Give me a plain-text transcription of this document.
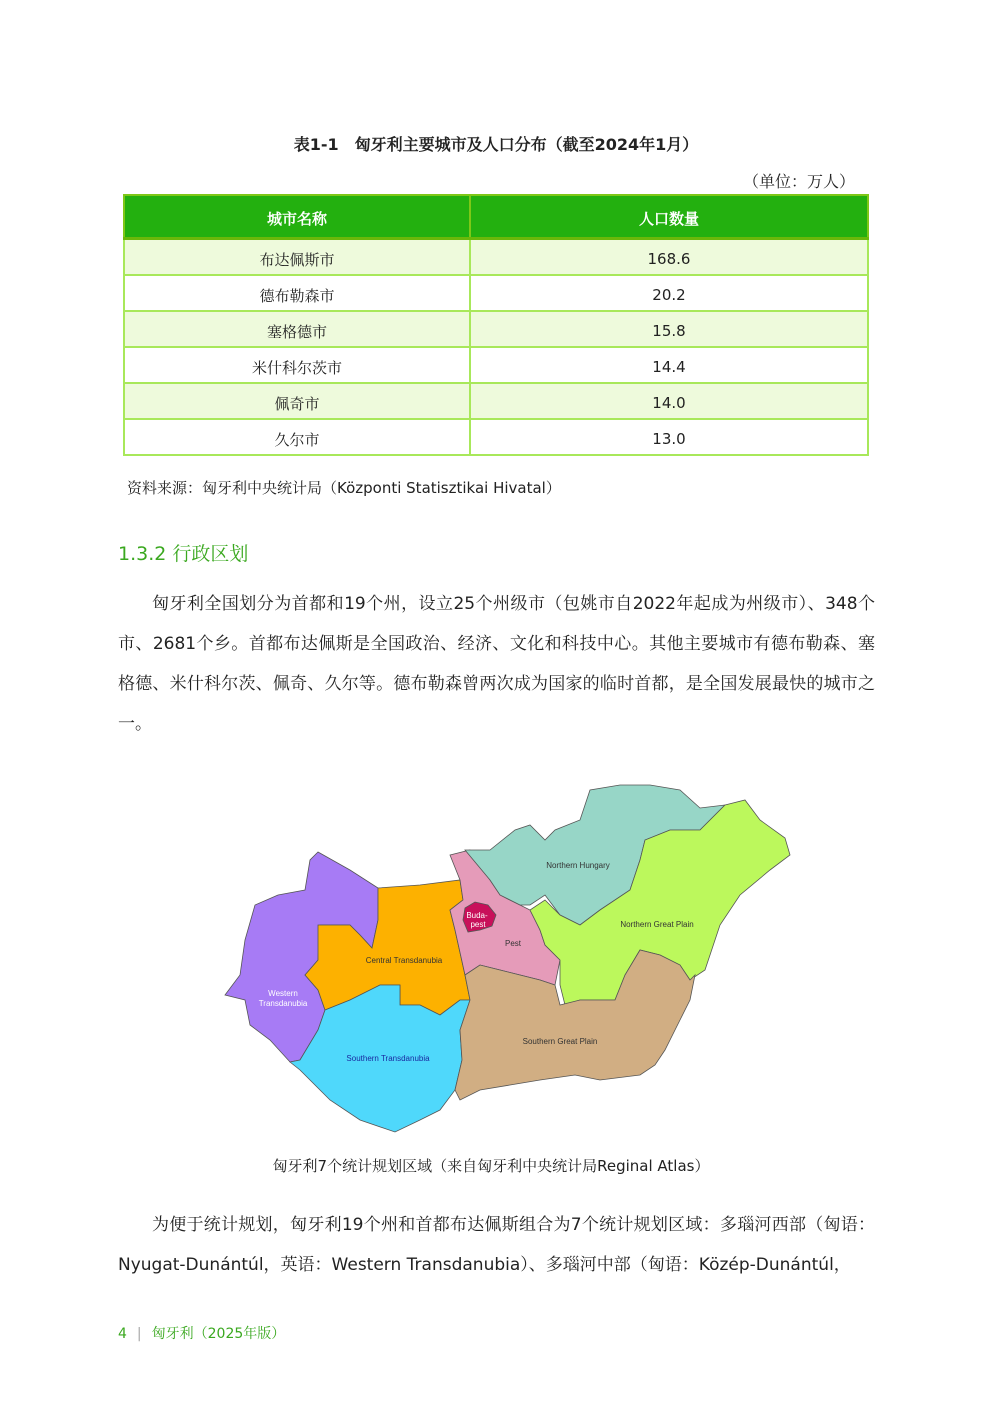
表1-1　匈牙利主要城市及人口分布（截至2024年1月）
（单位：万人）
城市名称	人口数量
布达佩斯市	168.6
德布勒森市	20.2
塞格德市	15.8
米什科尔茨市	14.4
佩奇市	14.0
久尔市	13.0
资料来源：匈牙利中央统计局（Központi Statisztikai Hivatal）
1.3.2 行政区划
匈牙利全国划分为首都和19个州，设立25个州级市（包姚市自2022年起成为州级市）、348个市、2681个乡。首都布达佩斯是全国政治、经济、文化和科技中心。其他主要城市有德布勒森、塞格德、米什科尔茨、佩奇、久尔等。德布勒森曾两次成为国家的临时首都，是全国发展最快的城市之一。
Western
Transdanubia
Central Transdanubia
Southern Transdanubia
Pest
Buda-
pest
Northern Hungary
Northern Great Plain
Southern Great Plain
匈牙利7个统计规划区域（来自匈牙利中央统计局Reginal Atlas）
为便于统计规划，匈牙利19个州和首都布达佩斯组合为7个统计规划区域：多瑙河西部（匈语：Nyugat-Dunántúl，英语：Western Transdanubia）、多瑙河中部（匈语：Közép-Dunántúl，
4 | 匈牙利（2025年版）
